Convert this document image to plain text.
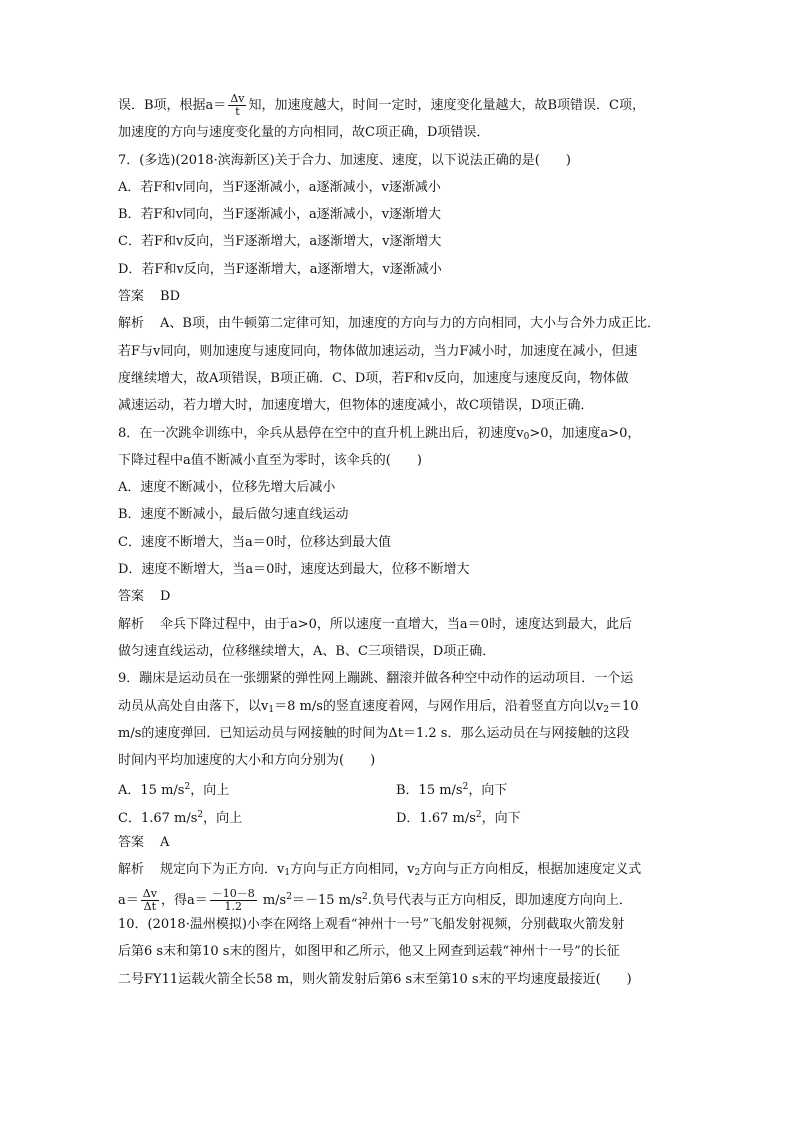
误．B项，根据$a= \frac{\Delta v}{t}$ 知，加速度越大，时间一定时，速度变化量越大，故B项错误．C项，
加速度的方向与速度变化量的方向相同，故C项正确，D项错误．
7．(多选)(2018·滨海新区)关于合力、加速度、速度，以下说法正确的是(　　)
A．若F和v同向，当F逐渐减小，a逐渐减小，v逐渐减小
B．若F和v同向，当F逐渐减小，a逐渐减小，v逐渐增大
C．若F和v反向，当F逐渐增大，a逐渐增大，v逐渐增大
D．若F和v反向，当F逐渐增大，a逐渐增大，v逐渐减小
答案 BD
解析 A、B项，由牛顿第二定律可知，加速度的方向与力的方向相同，大小与合外力成正比．
若F与v同向，则加速度与速度同向，物体做加速运动，当力F减小时，加速度在减小，但速
度继续增大，故A项错误，B项正确．C、D项，若F和v反向，加速度与速度反向，物体做
减速运动，若力增大时，加速度增大，但物体的速度减小，故C项错误，D项正确．
8．在一次跳伞训练中，伞兵从悬停在空中的直升机上跳出后，初速度$v_0>0$，加速度a>0，
下降过程中a值不断减小直至为零时，该伞兵的(　　)
A．速度不断减小，位移先增大后减小
B．速度不断减小，最后做匀速直线运动
C．速度不断增大，当a＝0时，位移达到最大值
D．速度不断增大，当a＝0时，速度达到最大，位移不断增大
答案 D
解析 伞兵下降过程中，由于a>0，所以速度一直增大，当a＝0时，速度达到最大，此后
做匀速直线运动，位移继续增大，A、B、C三项错误，D项正确．
9．蹦床是运动员在一张绷紧的弹性网上蹦跳、翻滚并做各种空中动作的运动项目．一个运
动员从高处自由落下，以$v_1=8$ m/s的竖直速度着网，与网作用后，沿着竖直方向以$v_2=10$
m/s的速度弹回．已知运动员与网接触的时间为Δt＝1.2 s．那么运动员在与网接触的这段
时间内平均加速度的大小和方向分别为(　　)
A．15 $m/s^2$，向上	B．15 $m/s^2$，向下
C．1.67 $m/s^2$，向上	D．1.67 $m/s^2$，向下
答案 A
解析 规定向下为正方向．$v_1$方向与正方向相同，$v_2$方向与正方向相反，根据加速度定义式
$a= \frac{\Delta v}{\Delta t}$ ，得$a= \frac{-10-8}{1.2} m/s^2=-15$ $m/s^2$.负号代表与正方向相反，即加速度方向向上．
10．(2018·温州模拟)小李在网络上观看“神州十一号”飞船发射视频，分别截取火箭发射
后第6 s末和第10 s末的图片，如图甲和乙所示，他又上网查到运载“神州十一号”的长征
二号FY11运载火箭全长58 m，则火箭发射后第6 s末至第10 s末的平均速度最接近(　　)
